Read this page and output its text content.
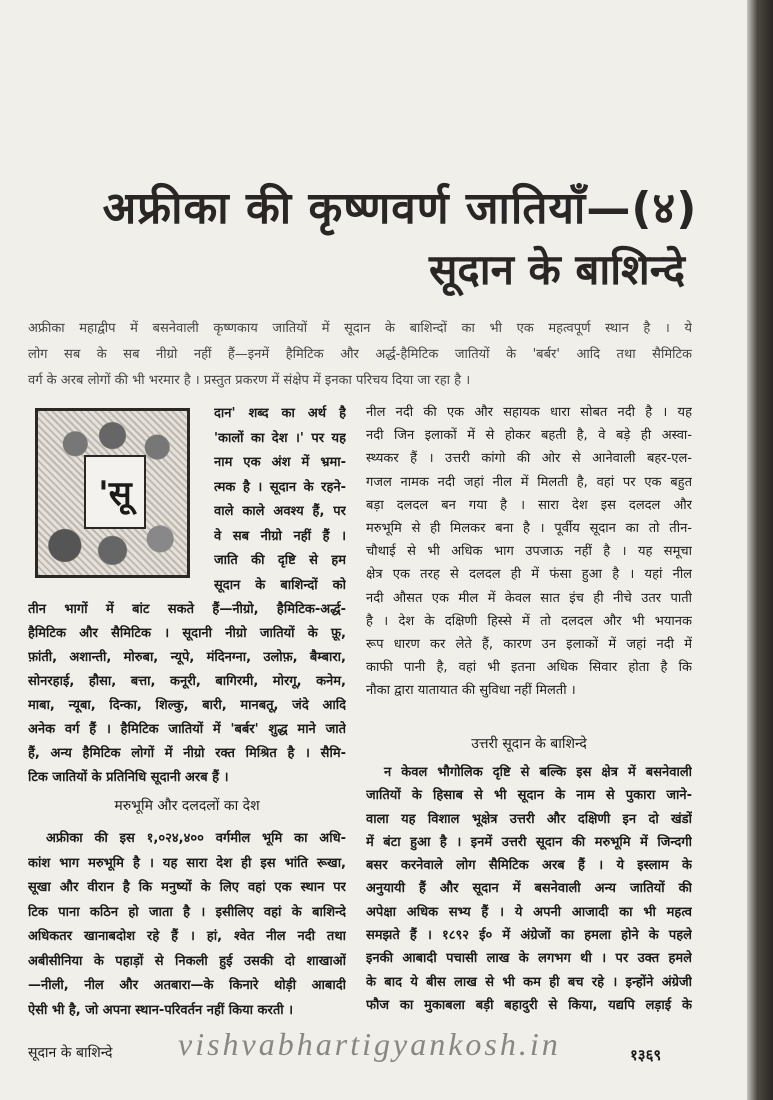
अफ्रीका की कृष्णवर्ण जातियाँ—(४)
सूदान के बाशिन्दे
अफ्रीका महाद्वीप में बसनेवाली कृष्णकाय जातियों में सूदान के बाशिन्दों का भी एक महत्वपूर्ण स्थान है । ये
लोग सब के सब नीग्रो नहीं हैं—इनमें हैमिटिक और अर्द्ध-हैमिटिक जातियों के 'बर्बर' आदि तथा सैमिटिक
वर्ग के अरब लोगों की भी भरमार है । प्रस्तुत प्रकरण में संक्षेप में इनका परिचय दिया जा रहा है ।
'सू
दान' शब्द का अर्थ है
'कालों का देश ।' पर यह
नाम एक अंश में भ्रमा-
त्मक है । सूदान के रहने-
वाले काले अवश्य हैं, पर
वे सब नीग्रो नहीं हैं ।
जाति की दृष्टि से हम
सूदान के बाशिन्दों को
तीन भागों में बांट सकते हैं—नीग्रो, हैमिटिक-अर्द्ध-
हैमिटिक और सैमिटिक । सूदानी नीग्रो जातियों के फ़ू,
फ़ांती, अशान्ती, मोरुबा, न्यूपे, मंदिनग्ना, उलोफ़, बैम्बारा,
सोनरहाई, हौसा, बत्ता, कनूरी, बागिरमी, मोरगू, कनेम,
माबा, न्यूबा, दिन्का, शिल्कु, बारी, मानबतू, जंदे आदि
अनेक वर्ग हैं । हैमिटिक जातियों में 'बर्बर' शुद्ध माने जाते
हैं, अन्य हैमिटिक लोगों में नीग्रो रक्त मिश्रित है । सैमि-
टिक जातियों के प्रतिनिधि सूदानी अरब हैं ।
मरुभूमि और दलदलों का देश
अफ्रीका की इस १,०२४,४०० वर्गमील भूमि का अधि-
कांश भाग मरुभूमि है । यह सारा देश ही इस भांति रूखा,
सूखा और वीरान है कि मनुष्यों के लिए वहां एक स्थान पर
टिक पाना कठिन हो जाता है । इसीलिए वहां के बाशिन्दे
अधिकतर खानाबदोश रहे हैं । हां, श्वेत नील नदी तथा
अबीसीनिया के पहाड़ों से निकली हुई उसकी दो शाखाओं
—नीली, नील और अतबारा—के किनारे थोड़ी आबादी
ऐसी भी है, जो अपना स्थान-परिवर्तन नहीं किया करती ।
नील नदी की एक और सहायक धारा सोबत नदी है । यह
नदी जिन इलाकों में से होकर बहती है, वे बड़े ही अस्वा-
स्थ्यकर हैं । उत्तरी कांगो की ओर से आनेवाली बहर-एल-
गजल नामक नदी जहां नील में मिलती है, वहां पर एक बहुत
बड़ा दलदल बन गया है । सारा देश इस दलदल और
मरुभूमि से ही मिलकर बना है । पूर्वीय सूदान का तो तीन-
चौथाई से भी अधिक भाग उपजाऊ नहीं है । यह समूचा
क्षेत्र एक तरह से दलदल ही में फंसा हुआ है । यहां नील
नदी औसत एक मील में केवल सात इंच ही नीचे उतर पाती
है । देश के दक्षिणी हिस्से में तो दलदल और भी भयानक
रूप धारण कर लेते हैं, कारण उन इलाकों में जहां नदी में
काफी पानी है, वहां भी इतना अधिक सिवार होता है कि
नौका द्वारा यातायात की सुविधा नहीं मिलती ।
उत्तरी सूदान के बाशिन्दे
न केवल भौगोलिक दृष्टि से बल्कि इस क्षेत्र में बसनेवाली
जातियों के हिसाब से भी सूदान के नाम से पुकारा जाने-
वाला यह विशाल भूक्षेत्र उत्तरी और दक्षिणी इन दो खंडों
में बंटा हुआ है । इनमें उत्तरी सूदान की मरुभूमि में जिन्दगी
बसर करनेवाले लोग सैमिटिक अरब हैं । ये इस्लाम के
अनुयायी हैं और सूदान में बसनेवाली अन्य जातियों की
अपेक्षा अधिक सभ्य हैं । ये अपनी आजादी का भी महत्व
समझते हैं । १८९२ ई० में अंग्रेजों का हमला होने के पहले
इनकी आबादी पचासी लाख के लगभग थी । पर उक्त हमले
के बाद ये बीस लाख से भी कम ही बच रहे । इन्होंने अंग्रेजी
फौज का मुकाबला बड़ी बहादुरी से किया, यद्यपि लड़ाई के
सूदान के बाशिन्दे vishvabhartigyankosh.in	१३६९
